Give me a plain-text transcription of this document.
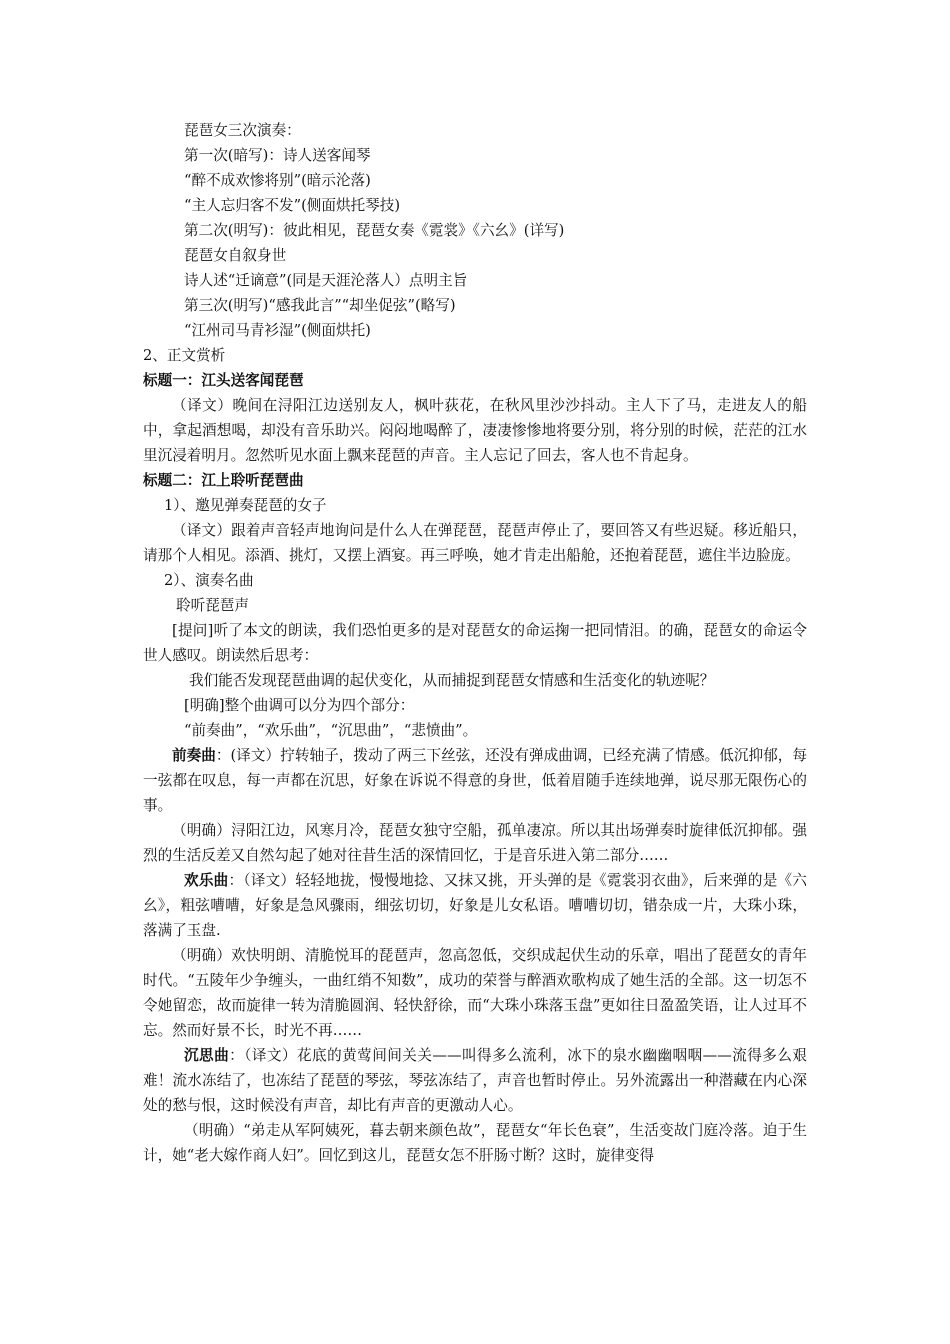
琵琶女三次演奏：
第一次(暗写)：诗人送客闻琴
“醉不成欢惨将别”(暗示沦落)
“主人忘归客不发”(侧面烘托琴技)
第二次(明写)：彼此相见，琵琶女奏《霓裳》《六幺》(详写)
琵琶女自叙身世
诗人述“迁谪意”(同是天涯沦落人）点明主旨
第三次(明写)“感我此言”“却坐促弦”(略写)
“江州司马青衫湿”(侧面烘托)
2、正文赏析
标题一：江头送客闻琵琶
（译文）晚间在浔阳江边送别友人，枫叶荻花，在秋风里沙沙抖动。主人下了马，走进友人的船中，拿起酒想喝，却没有音乐助兴。闷闷地喝醉了，凄凄惨惨地将要分别，将分别的时候，茫茫的江水里沉浸着明月。忽然听见水面上飘来琵琶的声音。主人忘记了回去，客人也不肯起身。
标题二：江上聆听琵琶曲
1）、邀见弹奏琵琶的女子
（译文）跟着声音轻声地询问是什么人在弹琵琶，琵琶声停止了，要回答又有些迟疑。移近船只，请那个人相见。添酒、挑灯，又摆上酒宴。再三呼唤，她才肯走出船舱，还抱着琵琶，遮住半边脸庞。
2）、演奏名曲
聆听琵琶声
[提问]听了本文的朗读，我们恐怕更多的是对琵琶女的命运掬一把同情泪。的确，琵琶女的命运令世人感叹。朗读然后思考：
我们能否发现琵琶曲调的起伏变化，从而捕捉到琵琶女情感和生活变化的轨迹呢？
[明确]整个曲调可以分为四个部分：
“前奏曲”，“欢乐曲”，“沉思曲”，“悲愤曲”。
前奏曲：(译文）拧转轴子，拨动了两三下丝弦，还没有弹成曲调，已经充满了情感。低沉抑郁，每一弦都在叹息，每一声都在沉思，好象在诉说不得意的身世，低着眉随手连续地弹，说尽那无限伤心的事。
（明确）浔阳江边，风寒月冷，琵琶女独守空船，孤单凄凉。所以其出场弹奏时旋律低沉抑郁。强烈的生活反差又自然勾起了她对往昔生活的深情回忆，于是音乐进入第二部分……
欢乐曲：（译文）轻轻地拢，慢慢地捻、又抹又挑，开头弹的是《霓裳羽衣曲》，后来弹的是《六幺》，粗弦嘈嘈，好象是急风骤雨，细弦切切，好象是儿女私语。嘈嘈切切，错杂成一片，大珠小珠，落满了玉盘.
（明确）欢快明朗、清脆悦耳的琵琶声，忽高忽低，交织成起伏生动的乐章，唱出了琵琶女的青年时代。“五陵年少争缠头，一曲红绡不知数”，成功的荣誉与醉酒欢歌构成了她生活的全部。这一切怎不令她留恋，故而旋律一转为清脆圆润、轻快舒徐，而“大珠小珠落玉盘”更如往日盈盈笑语，让人过耳不忘。然而好景不长，时光不再……
沉思曲：（译文）花底的黄莺间间关关——叫得多么流利，冰下的泉水幽幽咽咽——流得多么艰难！流水冻结了，也冻结了琵琶的琴弦，琴弦冻结了，声音也暂时停止。另外流露出一种潜藏在内心深处的愁与恨，这时候没有声音，却比有声音的更激动人心。
（明确）“弟走从军阿姨死，暮去朝来颜色故”，琵琶女“年长色衰”，生活变故门庭冷落。迫于生计，她“老大嫁作商人妇”。回忆到这儿，琵琶女怎不肝肠寸断？这时，旋律变得
